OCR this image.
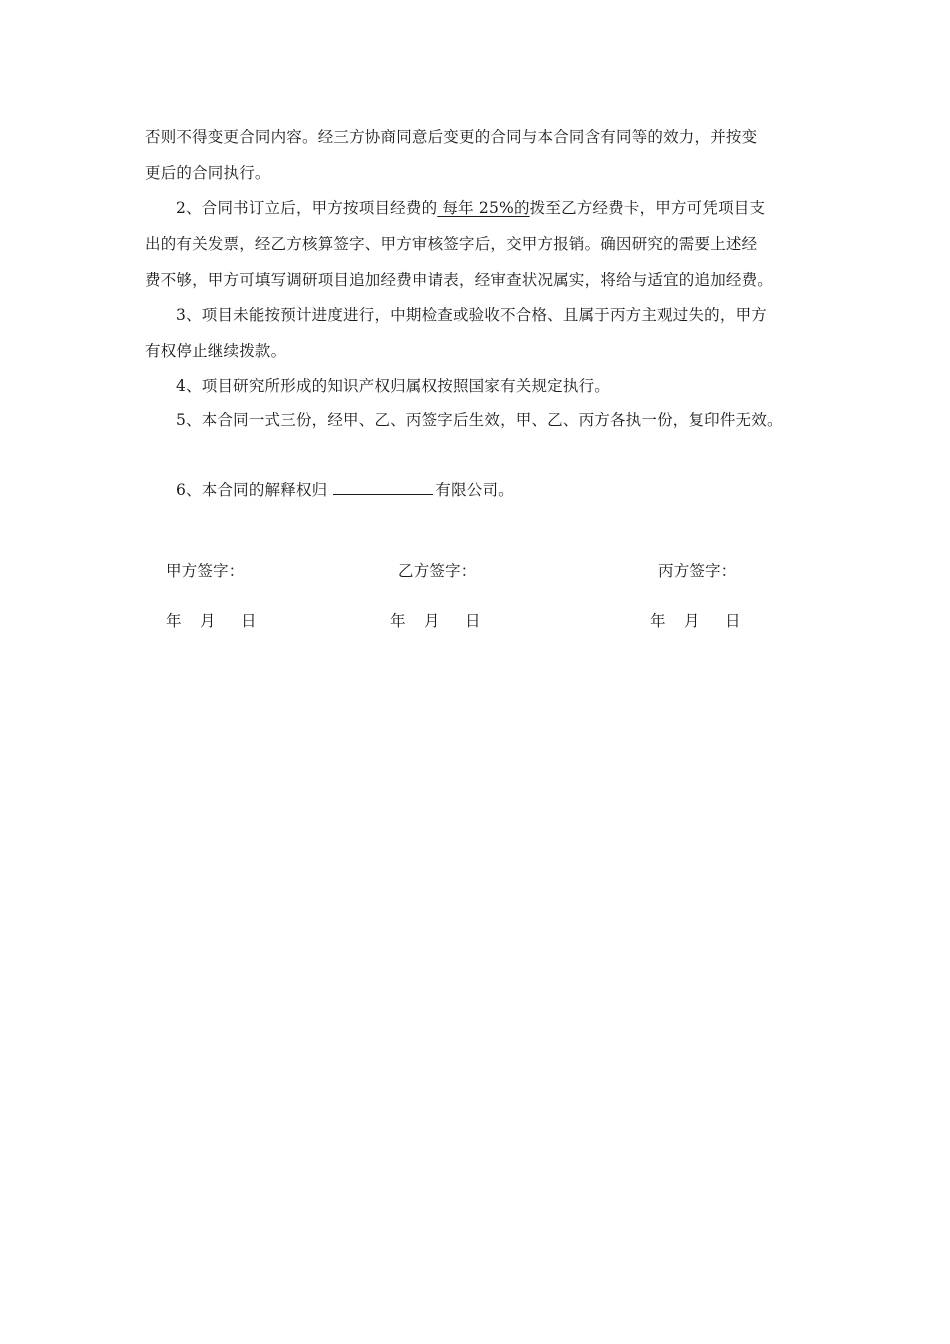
否则不得变更合同内容。经三方协商同意后变更的合同与本合同含有同等的效力，并按变
更后的合同执行。
2、合同书订立后，甲方按项目经费的 每年 25%的拨至乙方经费卡，甲方可凭项目支
出的有关发票，经乙方核算签字、甲方审核签字后，交甲方报销。确因研究的需要上述经
费不够，甲方可填写调研项目追加经费申请表，经审查状况属实，将给与适宜的追加经费。
3、项目未能按预计进度进行，中期检查或验收不合格、且属于丙方主观过失的，甲方
有权停止继续拨款。
4、项目研究所形成的知识产权归属权按照国家有关规定执行。
5、本合同一式三份，经甲、乙、丙签字后生效，甲、乙、丙方各执一份，复印件无效。
6、本合同的解释权归	有限公司。
甲方签字：	乙方签字：	丙方签字：
年 月 日	年 月 日	年 月 日
